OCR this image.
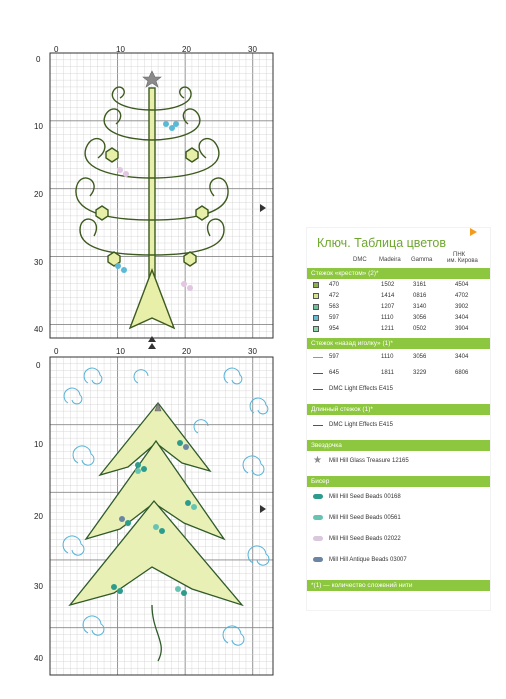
0	10	20	30
0
10
20
30
40
0	10	20	30
0
10
20
30
40
Ключ. Таблица цветов
DMC Madeira Gamma
ПНК
им. Кирова
Стежок «крестом» (2)*
Стежок «назад иголку» (1)*
Длинный стежок (1)*
Звездочка
Бисер
*(1) — количество сложений нити
470	1502	3161	4504
472	1414	0816	4702
563	1207	3140	3902
597	1110	3056	3404
954	1211	0502	3904
597	1110	3056	3404
645	1811	3229	6806
DMC Light Effects E415
DMC Light Effects E415
★ Mill Hill Glass Treasure 12165
Mill Hill Seed Beads 00168
Mill Hill Seed Beads 00561
Mill Hill Seed Beads 02022
Mill Hill Antique Beads 03007
